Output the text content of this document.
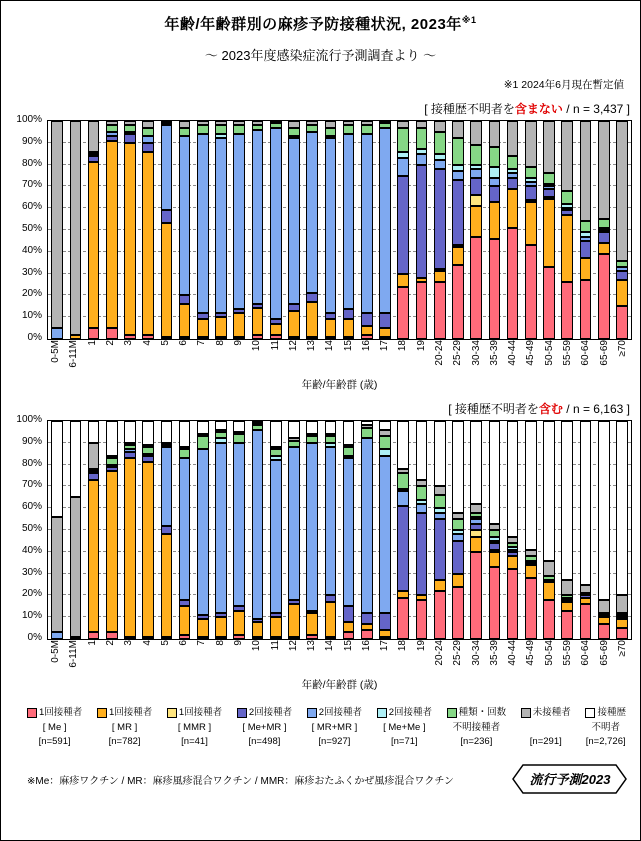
年齢/年齢群別の麻疹予防接種状況, 2023年$^{※1}$
～ 2023年度感染症流行予測調査より ～
※1 2024年6月現在暫定値
[ 接種歴不明者を含まない / n = 3,437 ]
0%
10%
20%
30%
40%
50%
60%
70%
80%
90%
100%
0-5M 6-11M 1 2 3 4 5 6 7 8 9 10 11 12 13 14 15 16 17 18 19 20-24 25-29 30-34 35-39 40-44 45-49 50-54 55-59 60-64 65-69 ≥70
年齢/年齢群 (歳)
[ 接種歴不明者を含む / n = 6,163 ]
0%
10%
20%
30%
40%
50%
60%
70%
80%
90%
100%
0-5M 6-11M 1 2 3 4 5 6 7 8 9 10 11 12 13 14 15 16 17 18 19 20-24 25-29 30-34 35-39 40-44 45-49 50-54 55-59 60-64 65-69 ≥70
年齢/年齢群 (歳)
1回接種者
[ Me ]
[n=591]
1回接種者
[ MR ]
[n=782]
1回接種者
[ MMR ]
[n=41]
2回接種者
[ Me+MR ]
[n=498]
2回接種者
[ MR+MR ]
[n=927]
2回接種者
[ Me+Me ]
[n=71]
種類・回数
不明接種者
[n=236]
未接種者
[n=291]
接種歴
不明者
[n=2,726]
※Me：麻疹ワクチン / MR：麻疹風疹混合ワクチン / MMR：麻疹おたふくかぜ風疹混合ワクチン	流行予測2023
